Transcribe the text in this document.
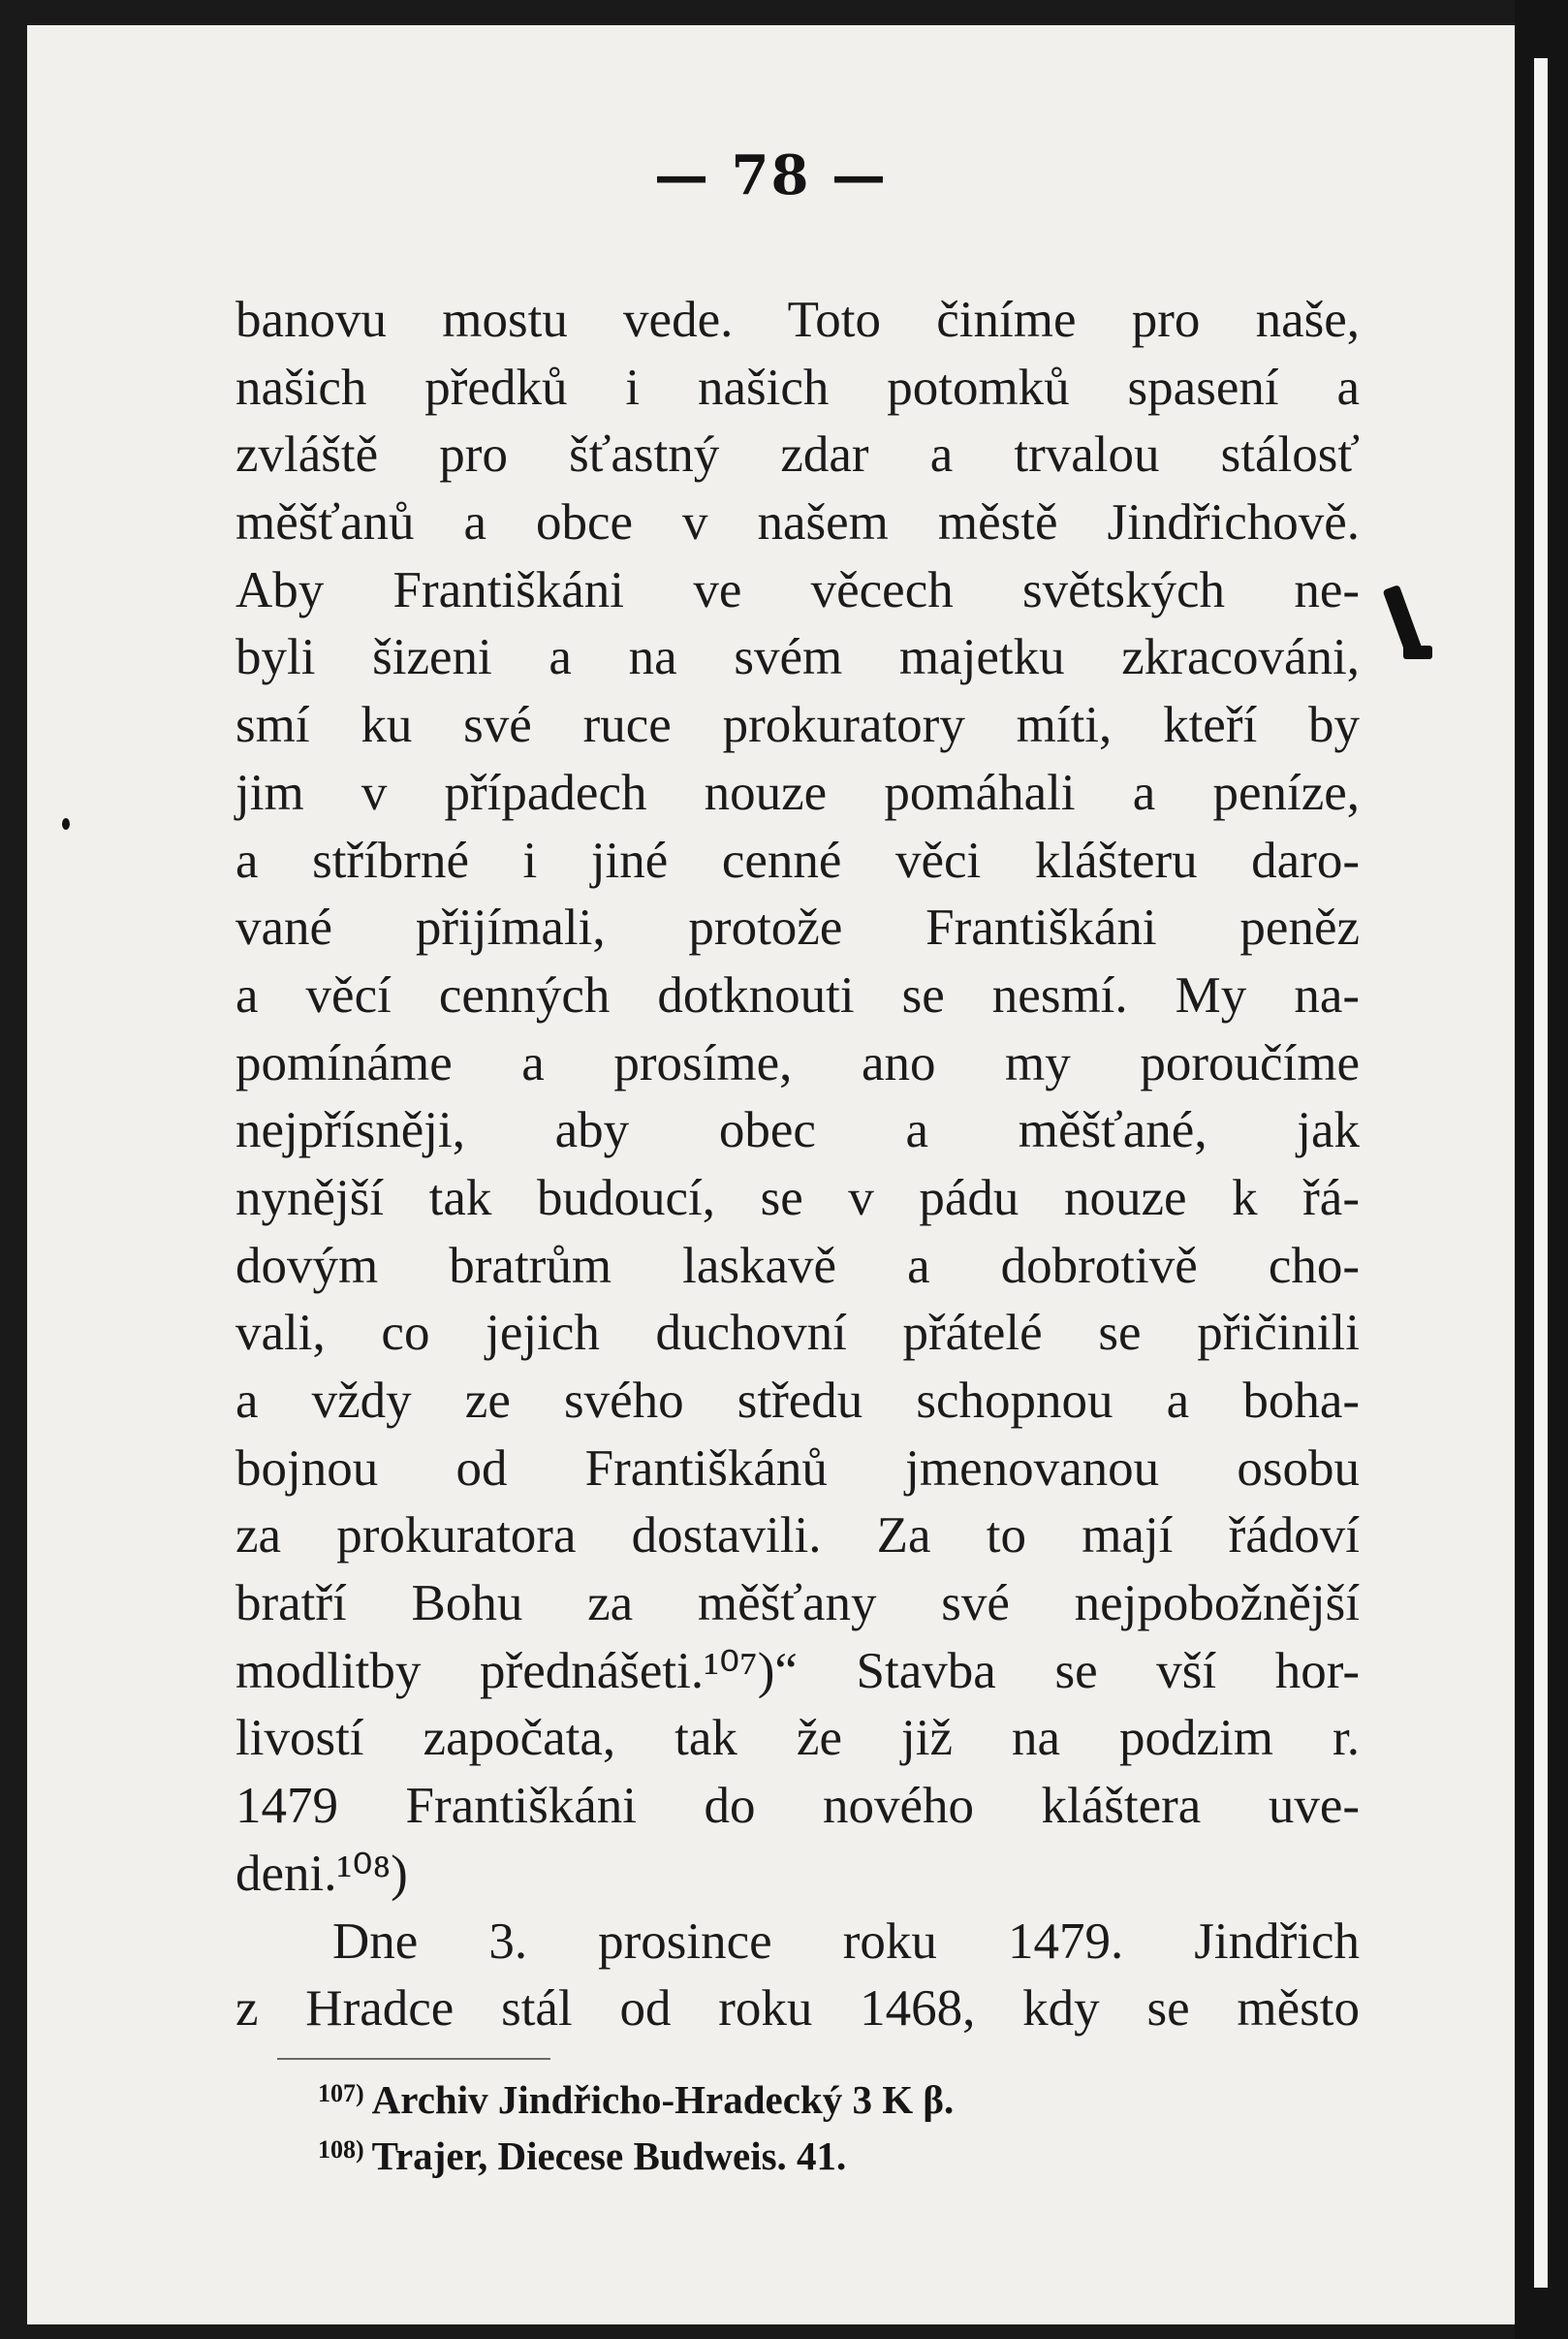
— 78 —
banovu mostu vede. Toto činíme pro naše,
našich předků i našich potomků spasení a
zvláště pro šťastný zdar a trvalou stálosť
měšťanů a obce v našem městě Jindřichově.
Aby Františkáni ve věcech světských ne-
byli šizeni a na svém majetku zkracováni,
smí ku své ruce prokuratory míti, kteří by
jim v případech nouze pomáhali a peníze,
a stříbrné i jiné cenné věci klášteru daro-
vané přijímali, protože Františkáni peněz
a věcí cenných dotknouti se nesmí. My na-
pomínáme a prosíme, ano my poroučíme
nejpřísněji, aby obec a měšťané, jak
nynější tak budoucí, se v pádu nouze k řá-
dovým bratrům laskavě a dobrotivě cho-
vali, co jejich duchovní přátelé se přičinili
a vždy ze svého středu schopnou a boha-
bojnou od Františkánů jmenovanou osobu
za prokuratora dostavili. Za to mají řádoví
bratří Bohu za měšťany své nejpobožnější
modlitby přednášeti.¹⁰⁷)“ Stavba se vší hor-
livostí započata, tak že již na podzim r.
1479 Františkáni do nového kláštera uve-
deni.¹⁰⁸)
Dne 3. prosince roku 1479. Jindřich
z Hradce stál od roku 1468, kdy se město
$^{107)}$ Archiv Jindřicho-Hradecký 3 K β.
$^{108)}$ Trajer, Diecese Budweis. 41.
